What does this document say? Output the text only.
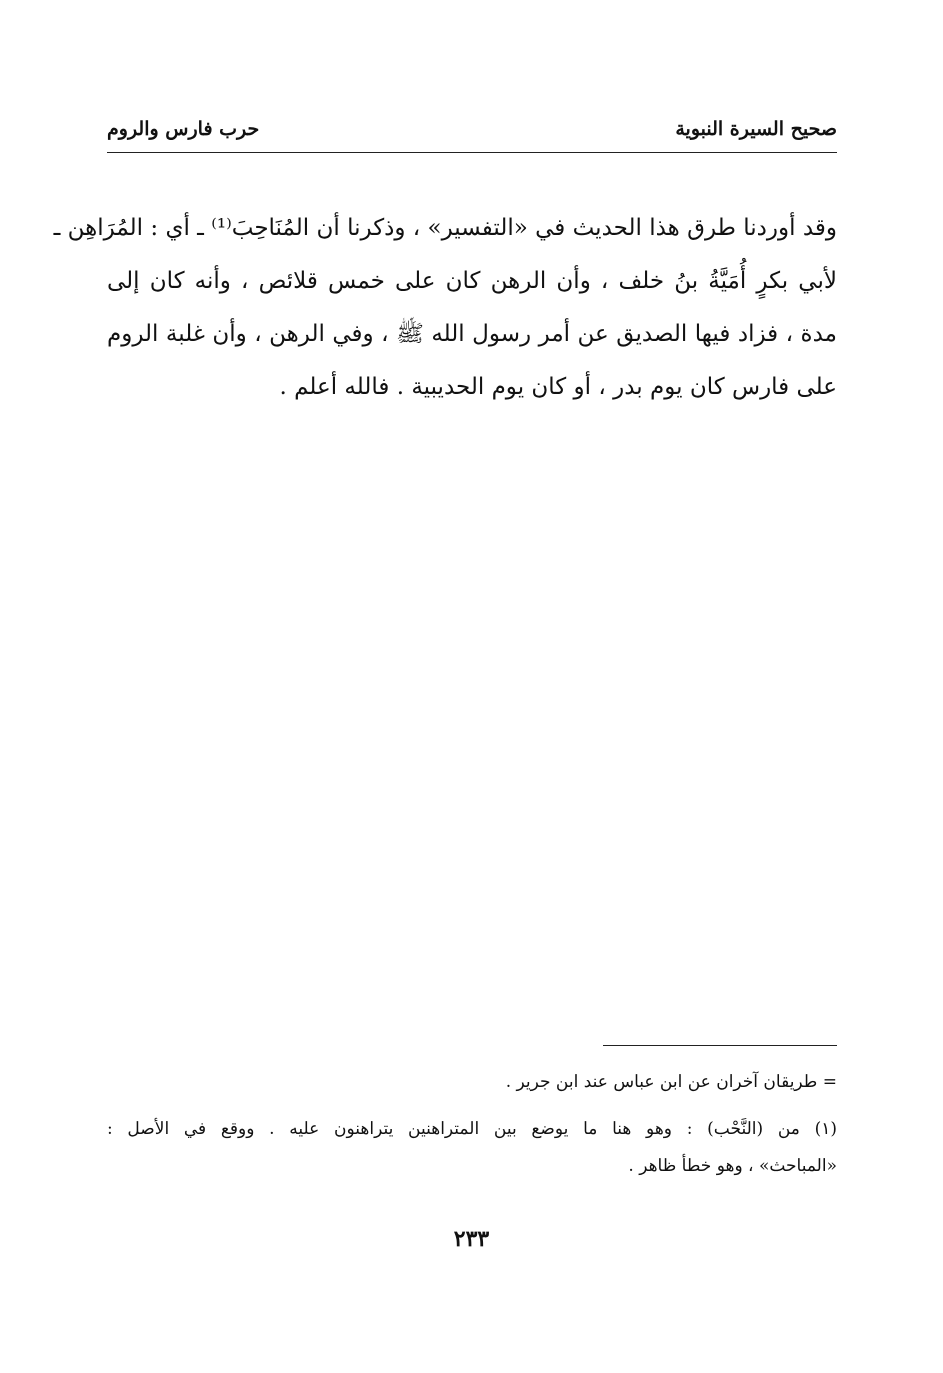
صحيح السيرة النبوية
حرب فارس والروم
وقد أوردنا طرق هذا الحديث في «التفسير» ، وذكرنا أن المُنَاحِبَ⁽¹⁾ ـ أي : المُرَاهِن ـ
لأبي بكرٍ أُمَيَّةُ بنُ خلف ، وأن الرهن كان على خمس قلائص ، وأنه كان إلى
مدة ، فزاد فيها الصديق عن أمر رسول الله ﷺ ، وفي الرهن ، وأن غلبة الروم
على فارس كان يوم بدر ، أو كان يوم الحديبية . فالله أعلم .
= طريقان آخران عن ابن عباس عند ابن جرير .
(١) من (النَّحْب) : وهو هنا ما يوضع بين المتراهنين يتراهنون عليه . ووقع في الأصل :
«المباحث» ، وهو خطأ ظاهر .
٢٣٣
